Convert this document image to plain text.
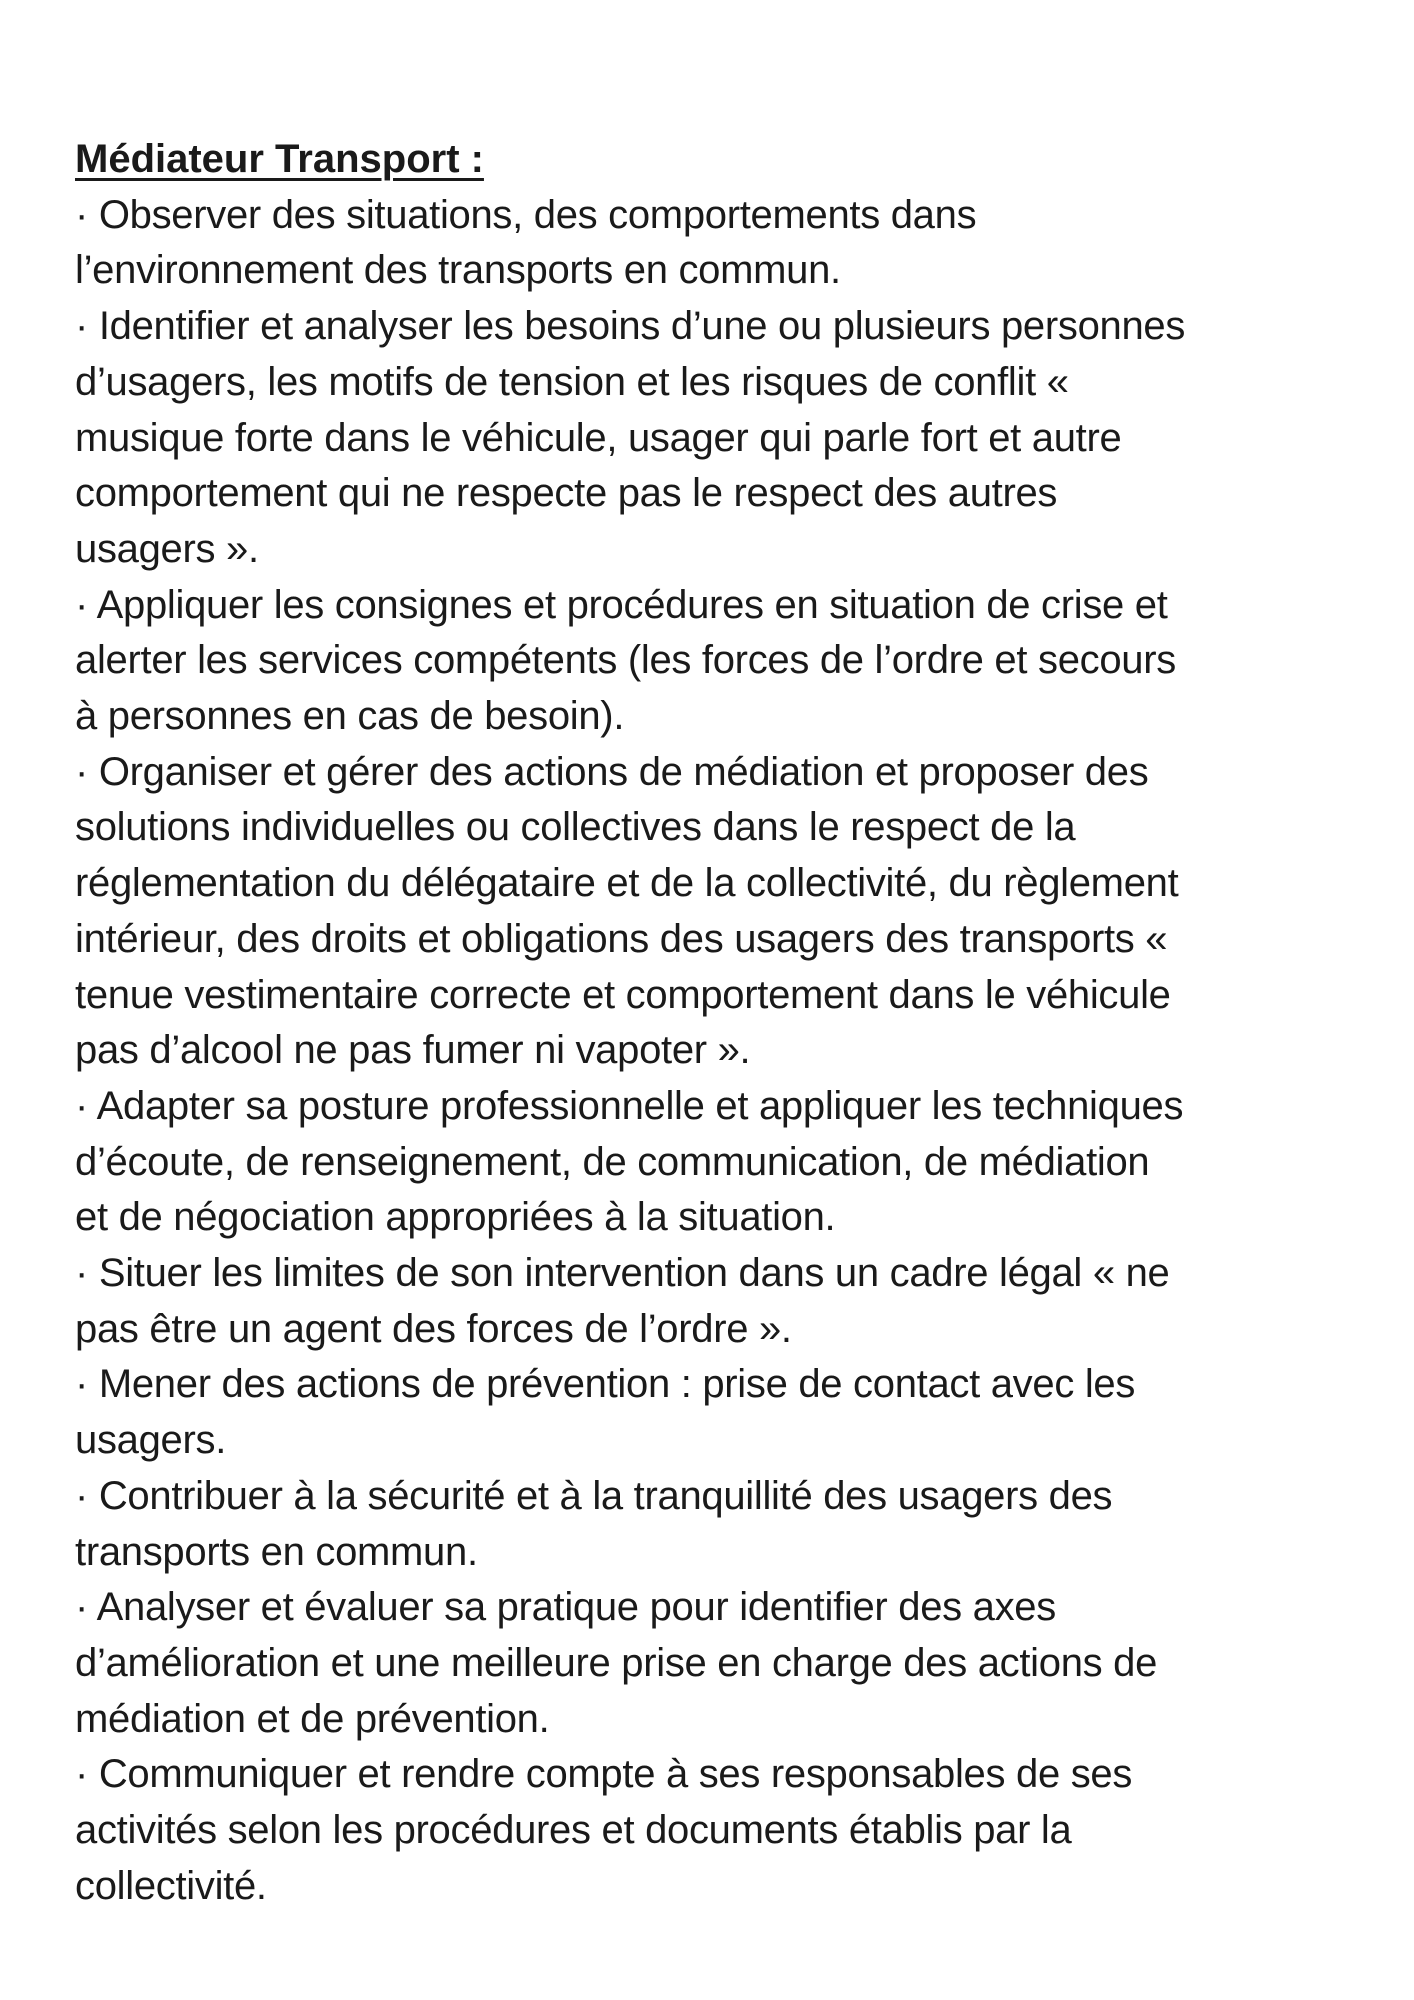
Médiateur Transport :
· Observer des situations, des comportements dans
l’environnement des transports en commun.
· Identifier et analyser les besoins d’une ou plusieurs personnes
d’usagers, les motifs de tension et les risques de conflit «
musique forte dans le véhicule, usager qui parle fort et autre
comportement qui ne respecte pas le respect des autres
usagers ».
· Appliquer les consignes et procédures en situation de crise et
alerter les services compétents (les forces de l’ordre et secours
à personnes en cas de besoin).
· Organiser et gérer des actions de médiation et proposer des
solutions individuelles ou collectives dans le respect de la
réglementation du délégataire et de la collectivité, du règlement
intérieur, des droits et obligations des usagers des transports «
tenue vestimentaire correcte et comportement dans le véhicule
pas d’alcool ne pas fumer ni vapoter ».
· Adapter sa posture professionnelle et appliquer les techniques
d’écoute, de renseignement, de communication, de médiation
et de négociation appropriées à la situation.
· Situer les limites de son intervention dans un cadre légal « ne
pas être un agent des forces de l’ordre ».
· Mener des actions de prévention : prise de contact avec les
usagers.
· Contribuer à la sécurité et à la tranquillité des usagers des
transports en commun.
· Analyser et évaluer sa pratique pour identifier des axes
d’amélioration et une meilleure prise en charge des actions de
médiation et de prévention.
· Communiquer et rendre compte à ses responsables de ses
activités selon les procédures et documents établis par la
collectivité.
